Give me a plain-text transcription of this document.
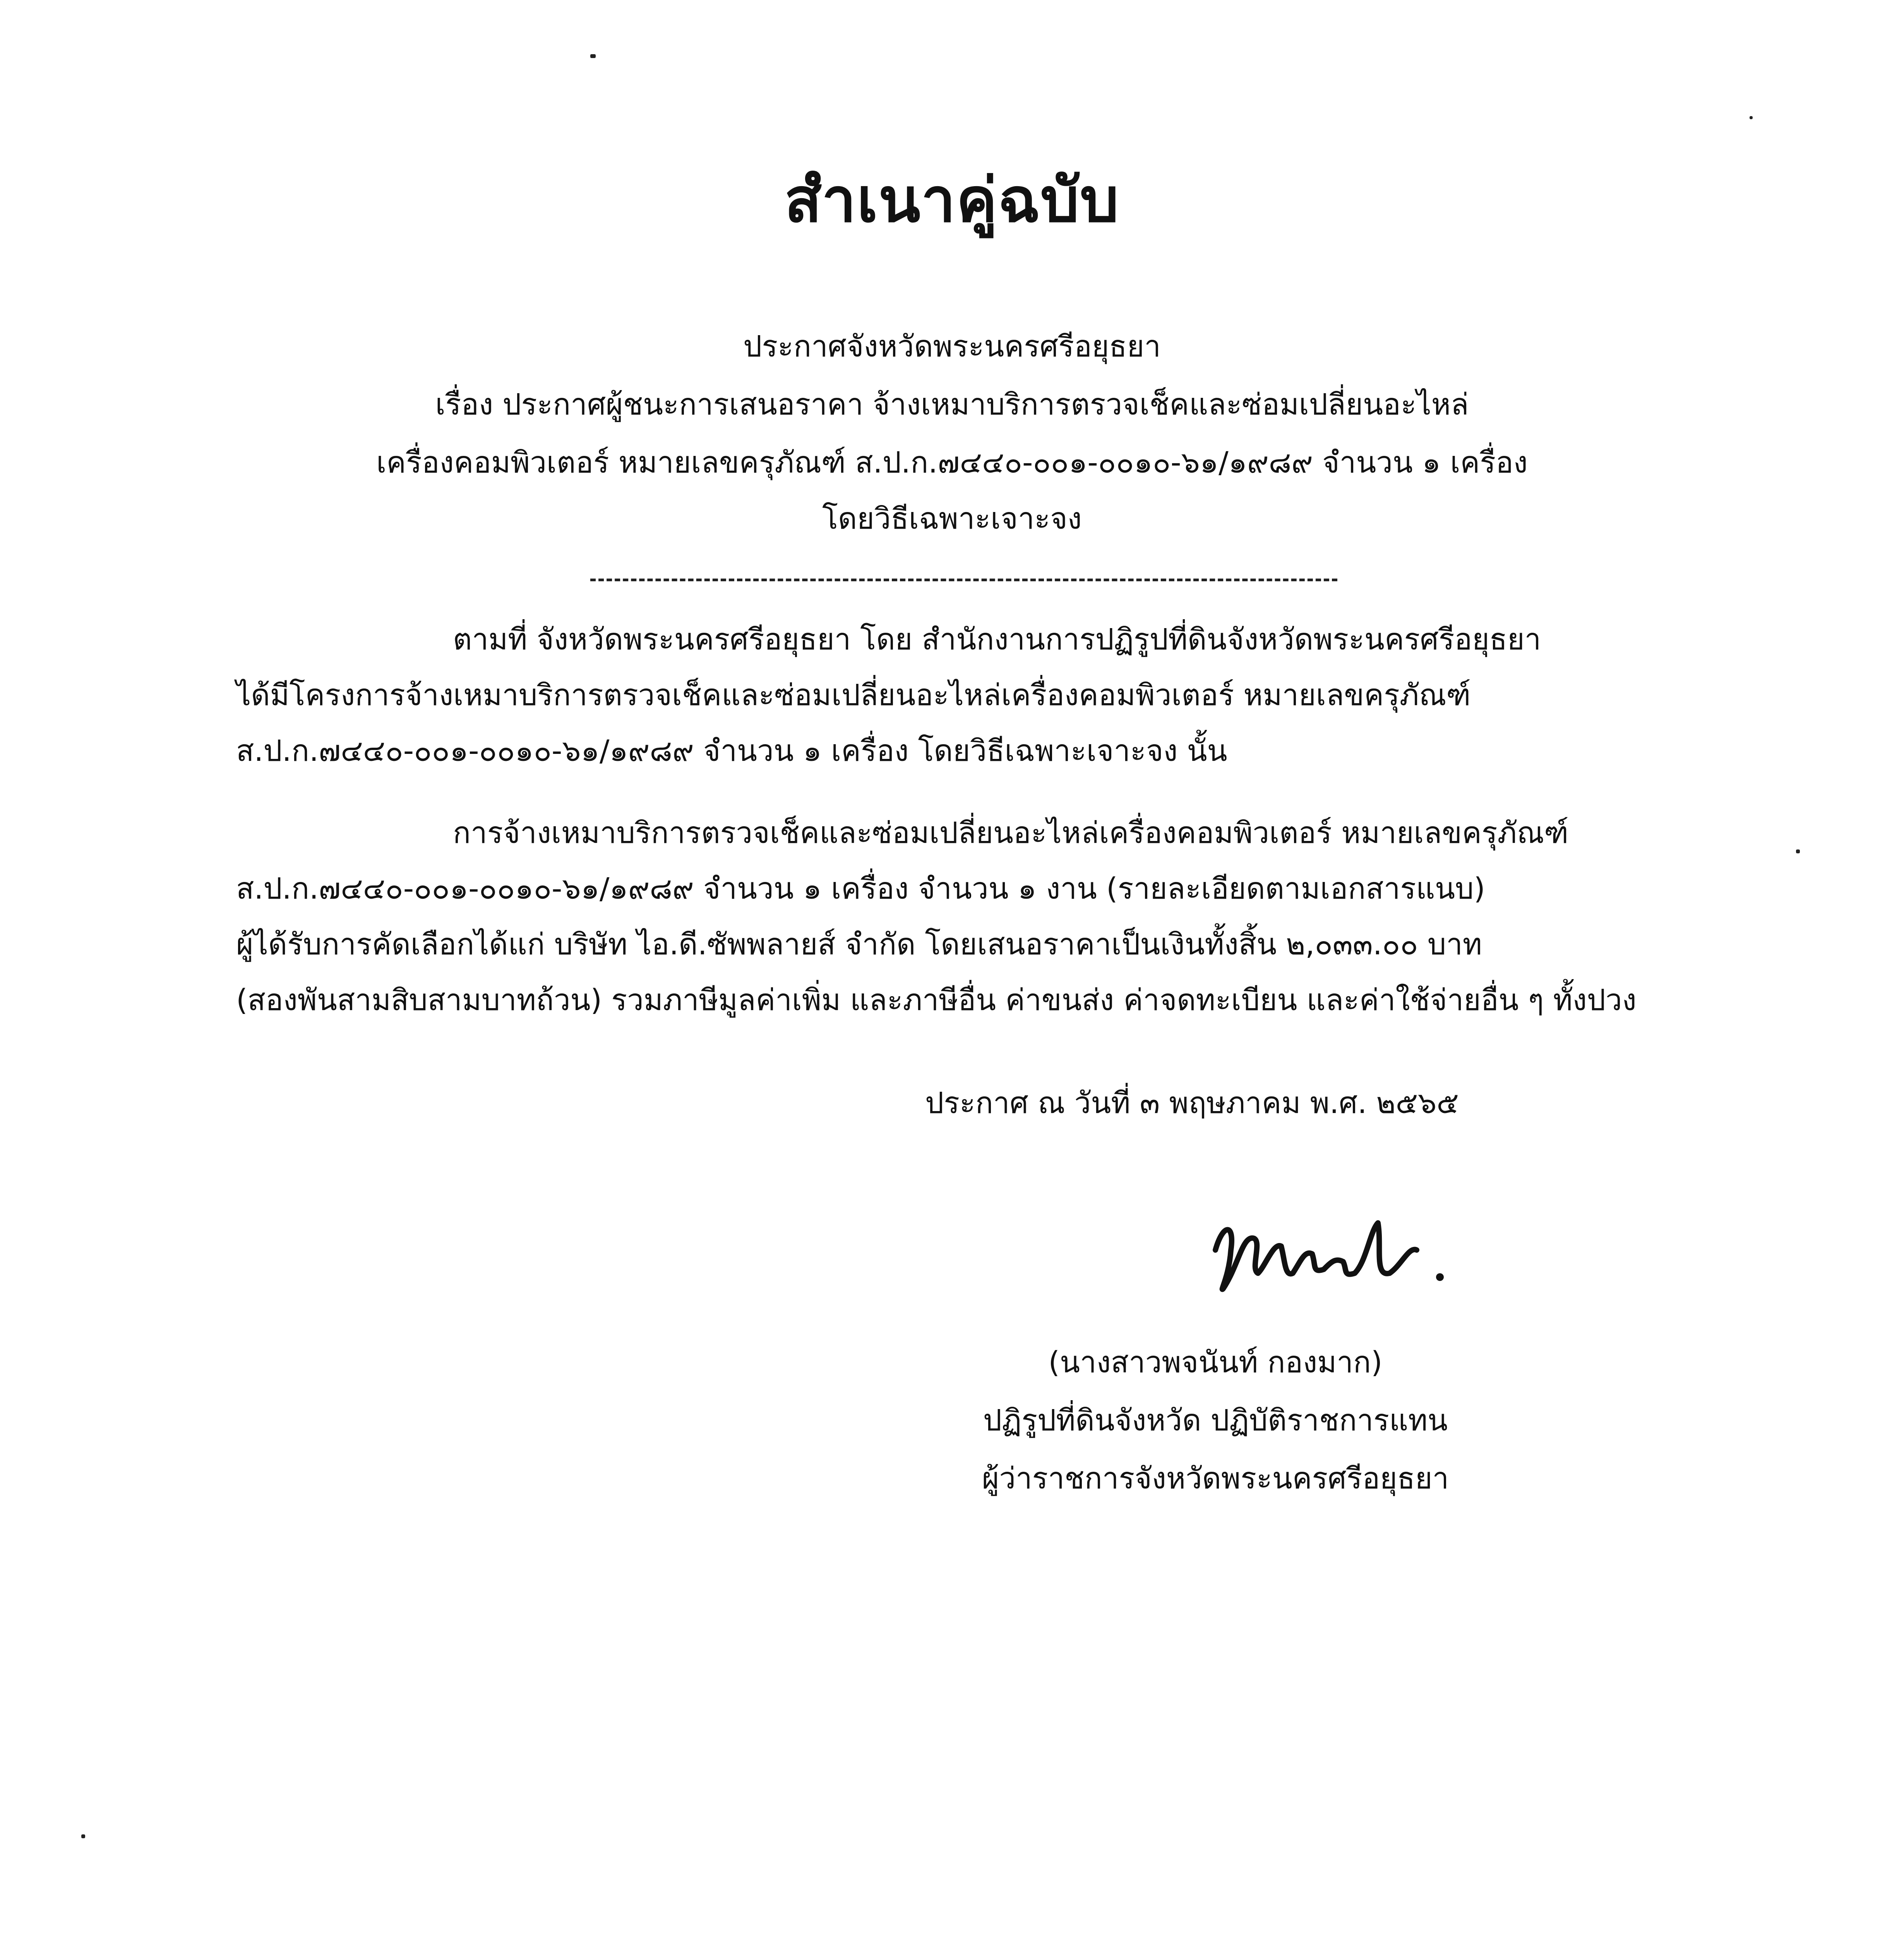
สำเนาคู่ฉบับ
ประกาศจังหวัดพระนครศรีอยุธยา
เรื่อง ประกาศผู้ชนะการเสนอราคา จ้างเหมาบริการตรวจเช็คและซ่อมเปลี่ยนอะไหล่
เครื่องคอมพิวเตอร์ หมายเลขครุภัณฑ์ ส.ป.ก.๗๔๔๐-๐๐๑-๐๐๑๐-๖๑/๑๙๘๙ จำนวน ๑ เครื่อง
โดยวิธีเฉพาะเจาะจง
ตามที่ จังหวัดพระนครศรีอยุธยา โดย สำนักงานการปฏิรูปที่ดินจังหวัดพระนครศรีอยุธยา
ได้มีโครงการจ้างเหมาบริการตรวจเช็คและซ่อมเปลี่ยนอะไหล่เครื่องคอมพิวเตอร์ หมายเลขครุภัณฑ์
ส.ป.ก.๗๔๔๐-๐๐๑-๐๐๑๐-๖๑/๑๙๘๙ จำนวน ๑ เครื่อง โดยวิธีเฉพาะเจาะจง นั้น
การจ้างเหมาบริการตรวจเช็คและซ่อมเปลี่ยนอะไหล่เครื่องคอมพิวเตอร์ หมายเลขครุภัณฑ์
ส.ป.ก.๗๔๔๐-๐๐๑-๐๐๑๐-๖๑/๑๙๘๙ จำนวน ๑ เครื่อง จำนวน ๑ งาน (รายละเอียดตามเอกสารแนบ)
ผู้ได้รับการคัดเลือกได้แก่ บริษัท ไอ.ดี.ซัพพลายส์ จำกัด โดยเสนอราคาเป็นเงินทั้งสิ้น ๒,๐๓๓.๐๐ บาท
(สองพันสามสิบสามบาทถ้วน) รวมภาษีมูลค่าเพิ่ม และภาษีอื่น ค่าขนส่ง ค่าจดทะเบียน และค่าใช้จ่ายอื่น ๆ ทั้งปวง
ประกาศ ณ วันที่ ๓ พฤษภาคม พ.ศ. ๒๕๖๕
(นางสาวพจนันท์ กองมาก)
ปฏิรูปที่ดินจังหวัด ปฏิบัติราชการแทน
ผู้ว่าราชการจังหวัดพระนครศรีอยุธยา
